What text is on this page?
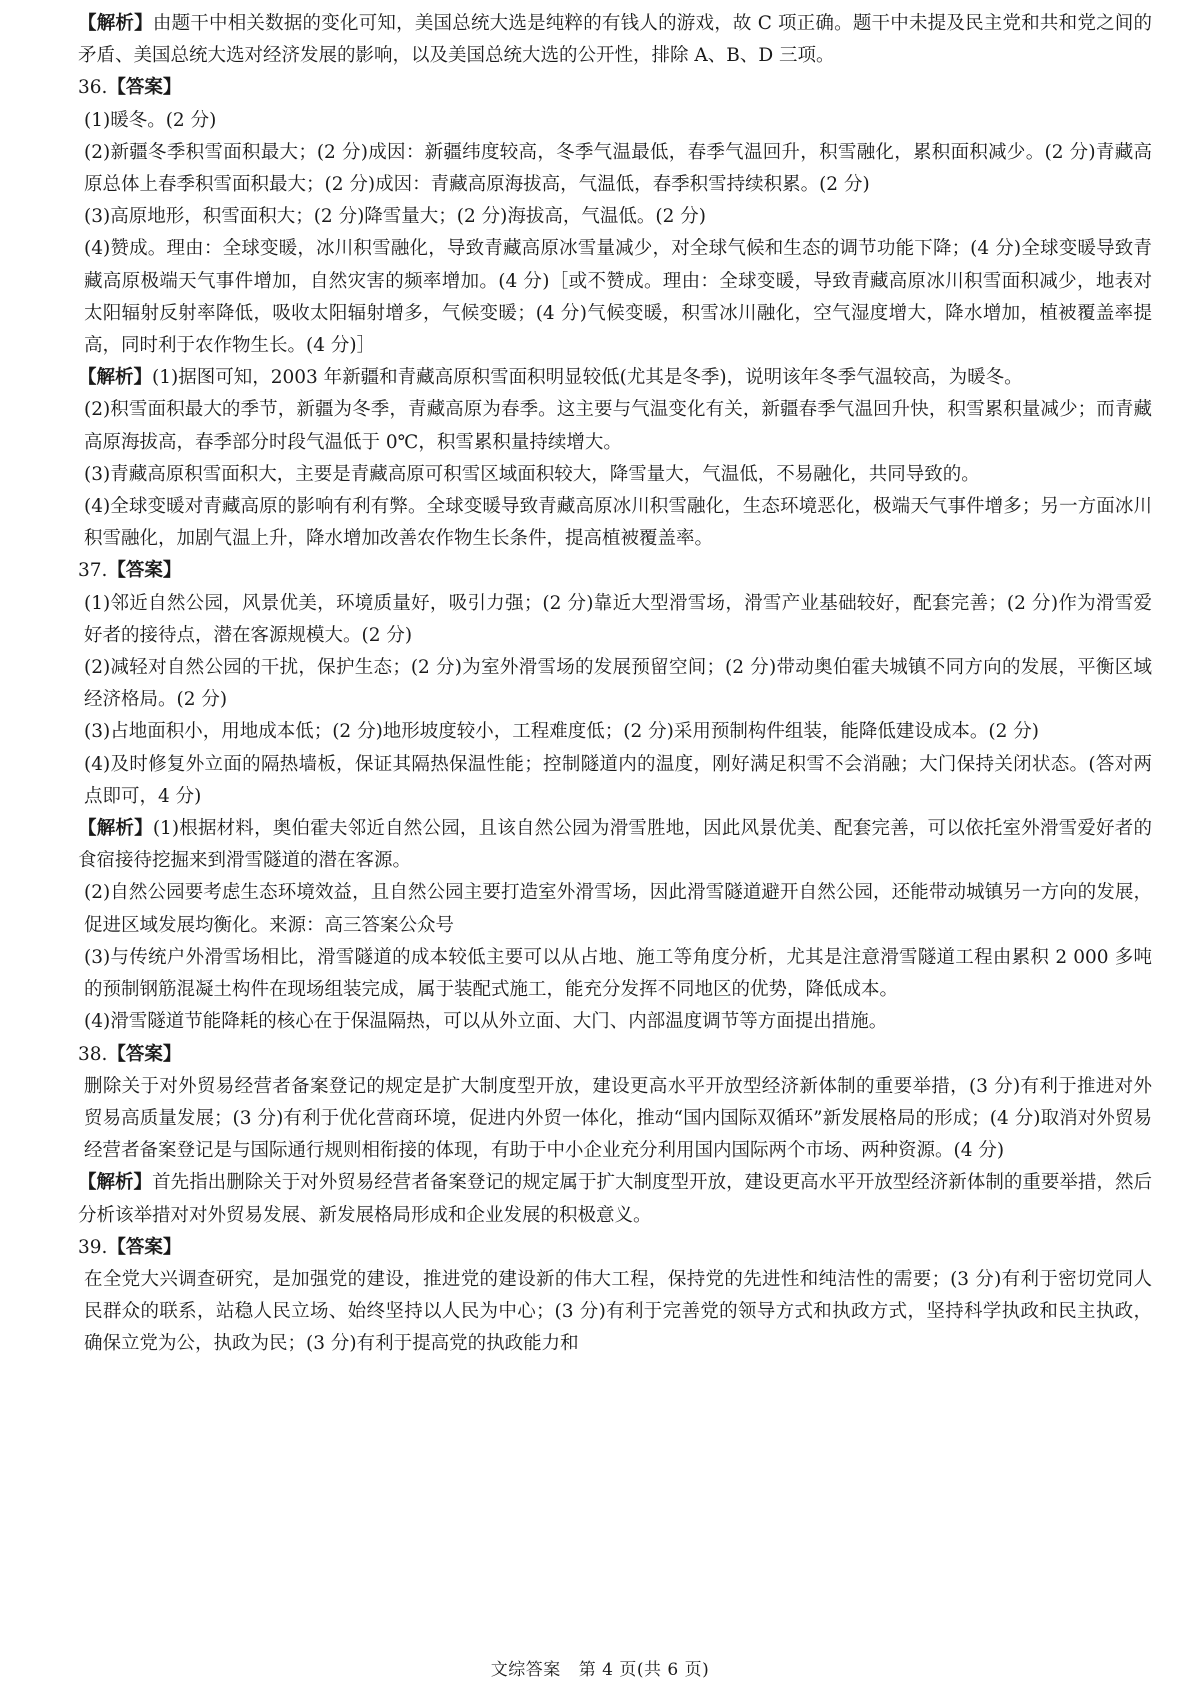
【解析】由题干中相关数据的变化可知，美国总统大选是纯粹的有钱人的游戏，故 C 项正确。题干中未提及民主党和共和党之间的矛盾、美国总统大选对经济发展的影响，以及美国总统大选的公开性，排除 A、B、D 三项。
36.【答案】
(1)暖冬。(2 分)
(2)新疆冬季积雪面积最大；(2 分)成因：新疆纬度较高，冬季气温最低，春季气温回升，积雪融化，累积面积减少。(2 分)青藏高原总体上春季积雪面积最大；(2 分)成因：青藏高原海拔高，气温低，春季积雪持续积累。(2 分)
(3)高原地形，积雪面积大；(2 分)降雪量大；(2 分)海拔高，气温低。(2 分)
(4)赞成。理由：全球变暖，冰川积雪融化，导致青藏高原冰雪量减少，对全球气候和生态的调节功能下降；(4 分)全球变暖导致青藏高原极端天气事件增加，自然灾害的频率增加。(4 分)［或不赞成。理由：全球变暖，导致青藏高原冰川积雪面积减少，地表对太阳辐射反射率降低，吸收太阳辐射增多，气候变暖；(4 分)气候变暖，积雪冰川融化，空气湿度增大，降水增加，植被覆盖率提高，同时利于农作物生长。(4 分)］
【解析】(1)据图可知，2003 年新疆和青藏高原积雪面积明显较低(尤其是冬季)，说明该年冬季气温较高，为暖冬。
(2)积雪面积最大的季节，新疆为冬季，青藏高原为春季。这主要与气温变化有关，新疆春季气温回升快，积雪累积量减少；而青藏高原海拔高，春季部分时段气温低于 0℃，积雪累积量持续增大。
(3)青藏高原积雪面积大，主要是青藏高原可积雪区域面积较大，降雪量大，气温低，不易融化，共同导致的。
(4)全球变暖对青藏高原的影响有利有弊。全球变暖导致青藏高原冰川积雪融化，生态环境恶化，极端天气事件增多；另一方面冰川积雪融化，加剧气温上升，降水增加改善农作物生长条件，提高植被覆盖率。
37.【答案】
(1)邻近自然公园，风景优美，环境质量好，吸引力强；(2 分)靠近大型滑雪场，滑雪产业基础较好，配套完善；(2 分)作为滑雪爱好者的接待点，潜在客源规模大。(2 分)
(2)减轻对自然公园的干扰，保护生态；(2 分)为室外滑雪场的发展预留空间；(2 分)带动奥伯霍夫城镇不同方向的发展，平衡区域经济格局。(2 分)
(3)占地面积小，用地成本低；(2 分)地形坡度较小，工程难度低；(2 分)采用预制构件组装，能降低建设成本。(2 分)
(4)及时修复外立面的隔热墙板，保证其隔热保温性能；控制隧道内的温度，刚好满足积雪不会消融；大门保持关闭状态。(答对两点即可，4 分)
【解析】(1)根据材料，奥伯霍夫邻近自然公园，且该自然公园为滑雪胜地，因此风景优美、配套完善，可以依托室外滑雪爱好者的食宿接待挖掘来到滑雪隧道的潜在客源。
(2)自然公园要考虑生态环境效益，且自然公园主要打造室外滑雪场，因此滑雪隧道避开自然公园，还能带动城镇另一方向的发展，促进区域发展均衡化。来源：高三答案公众号
(3)与传统户外滑雪场相比，滑雪隧道的成本较低主要可以从占地、施工等角度分析，尤其是注意滑雪隧道工程由累积 2 000 多吨的预制钢筋混凝土构件在现场组装完成，属于装配式施工，能充分发挥不同地区的优势，降低成本。
(4)滑雪隧道节能降耗的核心在于保温隔热，可以从外立面、大门、内部温度调节等方面提出措施。
38.【答案】
删除关于对外贸易经营者备案登记的规定是扩大制度型开放，建设更高水平开放型经济新体制的重要举措，(3 分)有利于推进对外贸易高质量发展；(3 分)有利于优化营商环境，促进内外贸一体化，推动“国内国际双循环”新发展格局的形成；(4 分)取消对外贸易经营者备案登记是与国际通行规则相衔接的体现，有助于中小企业充分利用国内国际两个市场、两种资源。(4 分)
【解析】首先指出删除关于对外贸易经营者备案登记的规定属于扩大制度型开放，建设更高水平开放型经济新体制的重要举措，然后分析该举措对对外贸易发展、新发展格局形成和企业发展的积极意义。
39.【答案】
在全党大兴调查研究，是加强党的建设，推进党的建设新的伟大工程，保持党的先进性和纯洁性的需要；(3 分)有利于密切党同人民群众的联系，站稳人民立场、始终坚持以人民为中心；(3 分)有利于完善党的领导方式和执政方式，坚持科学执政和民主执政，确保立党为公，执政为民；(3 分)有利于提高党的执政能力和
文综答案 第 4 页(共 6 页)
